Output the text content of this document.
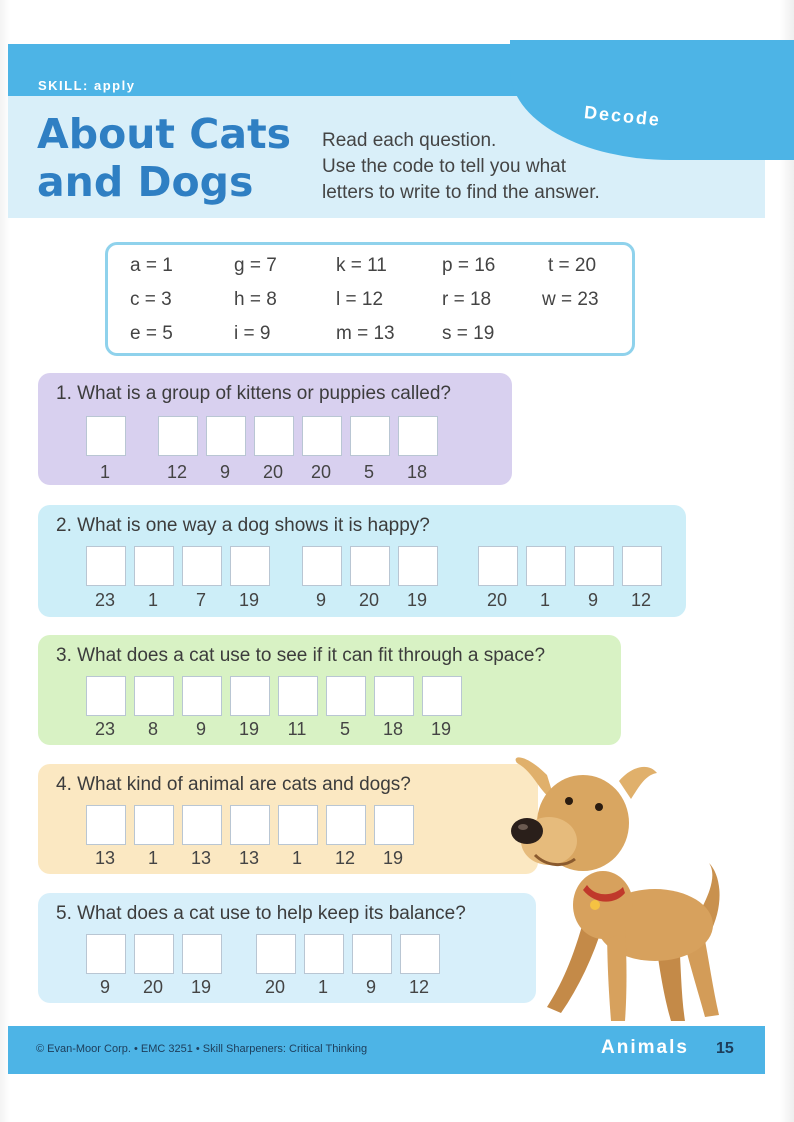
SKILL: apply
Decode
About Cats
and Dogs
Read each question.
Use the code to tell you what
letters to write to find the answer.
a = 1	g = 7	k = 11	p = 16	t = 20
c = 3	h = 8	l = 12	r = 18	w = 23
e = 5	i = 9	m = 13 s = 19
1. What is a group of kittens or puppies called?
1	12	9	20	20	5	18
2. What is one way a dog shows it is happy?
23	1	7	19	9	20	19	20	1	9	12
3. What does a cat use to see if it can fit through a space?
23	8	9	19	11	5	18	19
4. What kind of animal are cats and dogs?
13	1	13	13	1	12	19
5. What does a cat use to help keep its balance?
9	20	19	20	1	9	12
© Evan-Moor Corp. • EMC 3251 • Skill Sharpeners: Critical Thinking	Animals 15
